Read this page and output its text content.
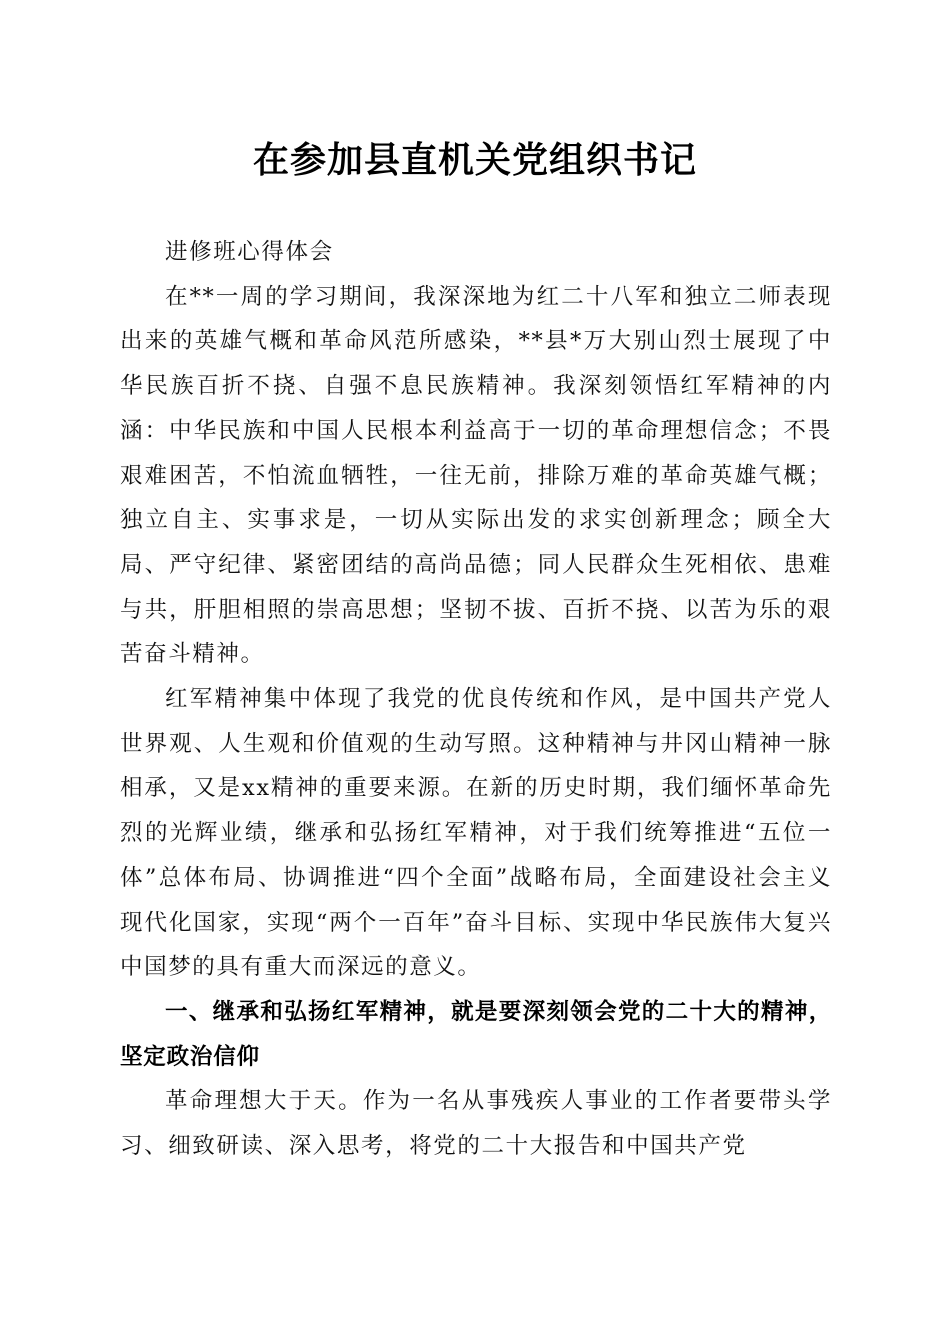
在参加县直机关党组织书记

进修班心得体会

在**一周的学习期间，我深深地为红二十八军和独立二师表现出来的英雄气概和革命风范所感染，**县*万大别山烈士展现了中华民族百折不挠、自强不息民族精神。我深刻领悟红军精神的内涵：中华民族和中国人民根本利益高于一切的革命理想信念；不畏艰难困苦，不怕流血牺牲，一往无前，排除万难的革命英雄气概；独立自主、实事求是，一切从实际出发的求实创新理念；顾全大局、严守纪律、紧密团结的高尚品德；同人民群众生死相依、患难与共，肝胆相照的崇高思想；坚韧不拔、百折不挠、以苦为乐的艰苦奋斗精神。

红军精神集中体现了我党的优良传统和作风，是中国共产党人世界观、人生观和价值观的生动写照。这种精神与井冈山精神一脉相承，又是xx精神的重要来源。在新的历史时期，我们缅怀革命先烈的光辉业绩，继承和弘扬红军精神，对于我们统筹推进“五位一体”总体布局、协调推进“四个全面”战略布局，全面建设社会主义现代化国家，实现“两个一百年”奋斗目标、实现中华民族伟大复兴中国梦的具有重大而深远的意义。

一、继承和弘扬红军精神，就是要深刻领会党的二十大的精神，坚定政治信仰

革命理想大于天。作为一名从事残疾人事业的工作者要带头学习、细致研读、深入思考，将党的二十大报告和中国共产党
